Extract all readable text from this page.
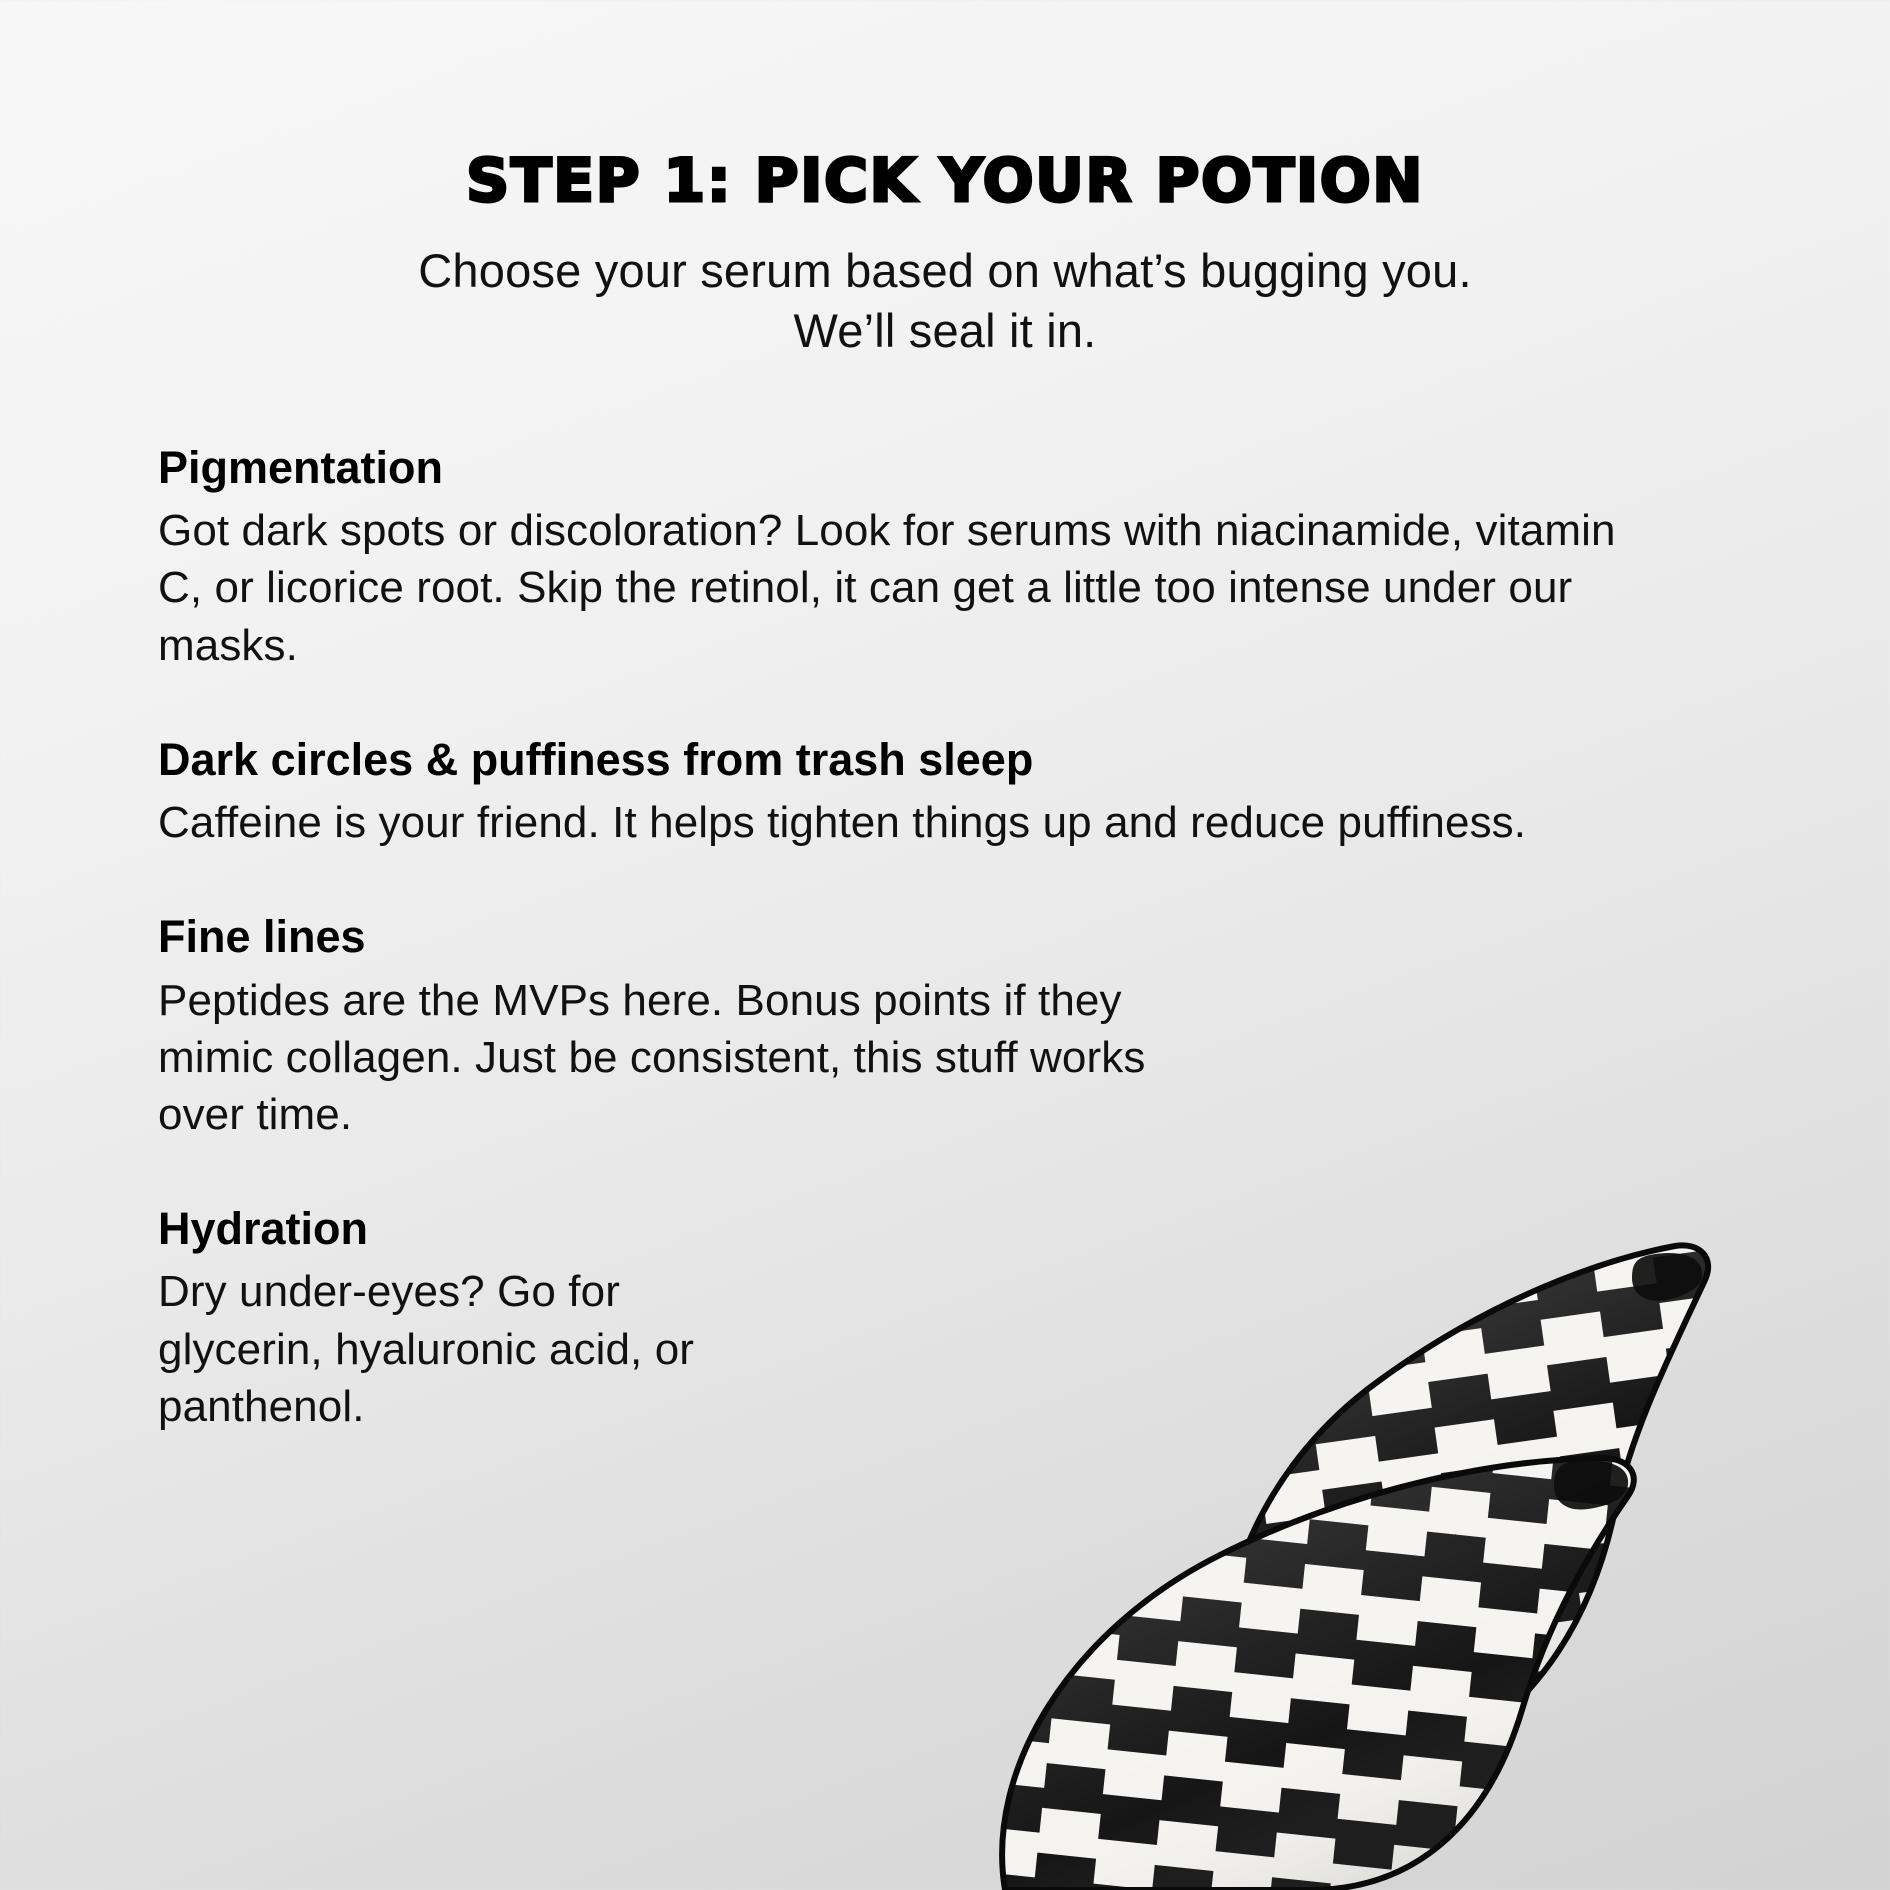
STEP 1: PICK YOUR POTION
Choose your serum based on what’s bugging you.
We’ll seal it in.
Pigmentation
Got dark spots or discoloration? Look for serums with niacinamide, vitamin C, or licorice root. Skip the retinol, it can get a little too intense under our masks.
Dark circles & puffiness from trash sleep
Caffeine is your friend. It helps tighten things up and reduce puffiness.
Fine lines
Peptides are the MVPs here. Bonus points if they mimic collagen. Just be consistent, this stuff works over time.
Hydration
Dry under-eyes? Go for glycerin, hyaluronic acid, or panthenol.
